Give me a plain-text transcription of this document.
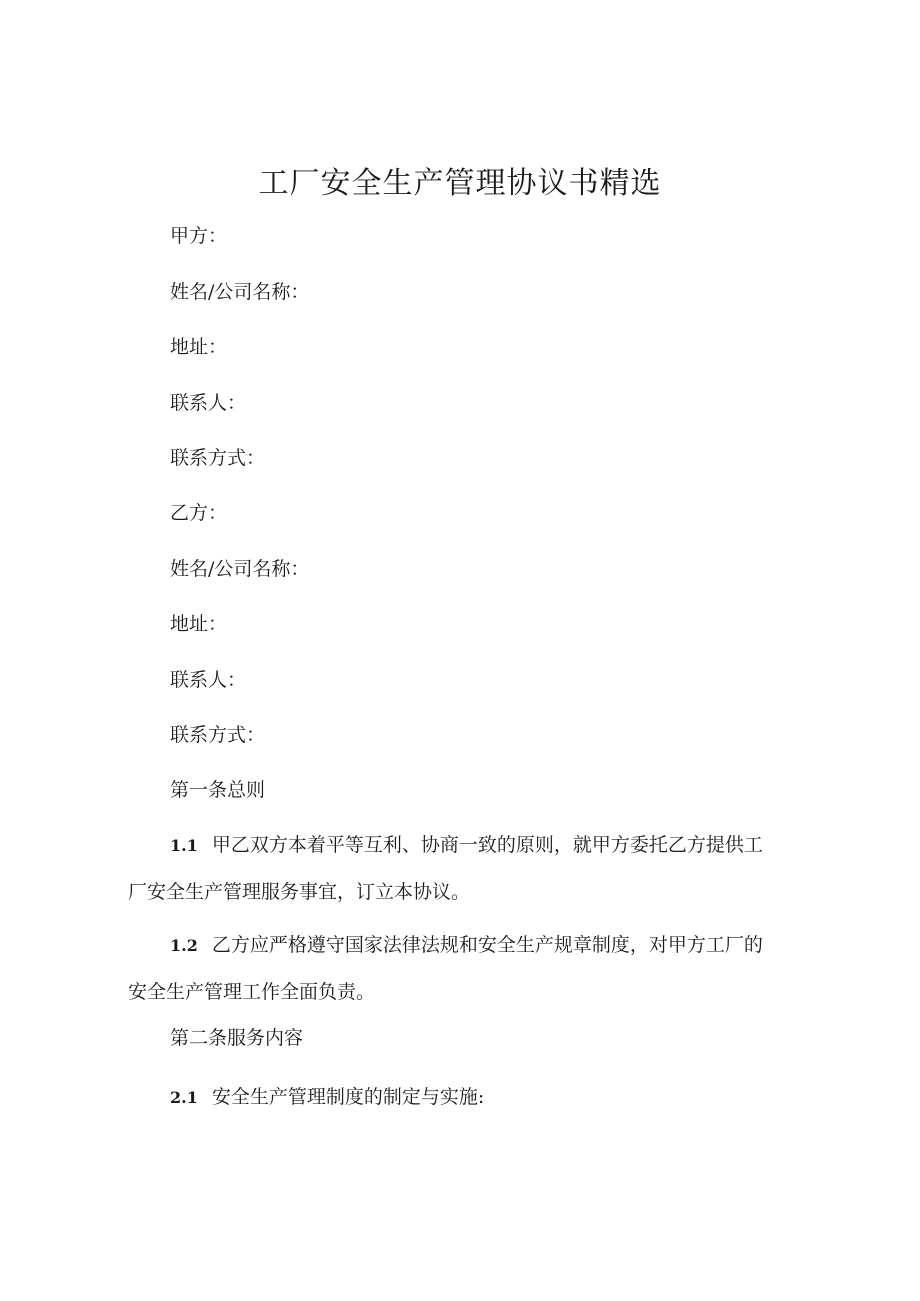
工厂安全生产管理协议书精选
甲方：
姓名/公司名称：
地址：
联系人：
联系方式：
乙方：
姓名/公司名称：
地址：
联系人：
联系方式：
第一条总则
1.1 甲乙双方本着平等互利、协商一致的原则，就甲方委托乙方提供工
厂安全生产管理服务事宜，订立本协议。
1.2 乙方应严格遵守国家法律法规和安全生产规章制度，对甲方工厂的
安全生产管理工作全面负责。
第二条服务内容
2.1 安全生产管理制度的制定与实施:
